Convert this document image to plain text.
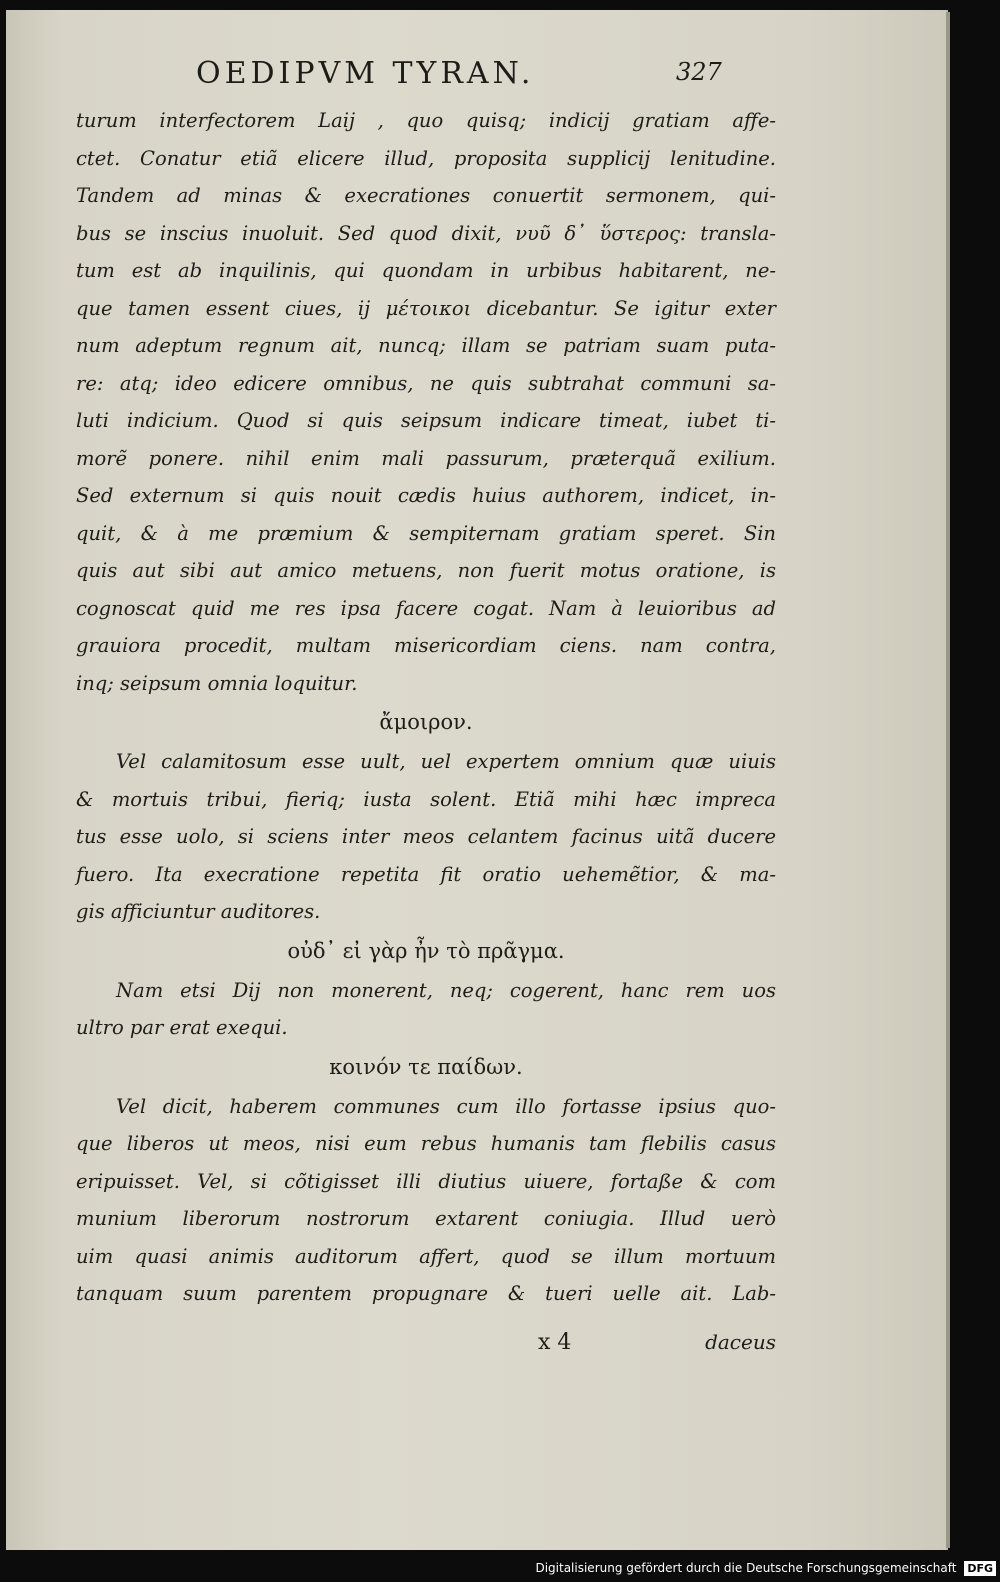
OEDIPVM TYRAN.	327
turum interfectorem Laij , quo quisq; indicij gratiam affe-
ctet. Conatur etiã elicere illud, proposita supplicij lenitudine.
Tandem ad minas & execrationes conuertit sermonem, qui-
bus se inscius inuoluit. Sed quod dixit, νυῦ δ᾽ ὕστερος: transla-
tum est ab inquilinis, qui quondam in urbibus habitarent, ne-
que tamen essent ciues, ij μέτοικοι dicebantur. Se igitur exter
num adeptum regnum ait, nuncq; illam se patriam suam puta-
re: atq; ideo edicere omnibus, ne quis subtrahat communi sa-
luti indicium. Quod si quis seipsum indicare timeat, iubet ti-
morẽ ponere. nihil enim mali passurum, præterquã exilium.
Sed externum si quis nouit cædis huius authorem, indicet, in-
quit, & à me præmium & sempiternam gratiam speret. Sin
quis aut sibi aut amico metuens, non fuerit motus oratione, is
cognoscat quid me res ipsa facere cogat. Nam à leuioribus ad
grauiora procedit, multam misericordiam ciens. nam contra,
inq; seipsum omnia loquitur.
ἄμοιρον.
Vel calamitosum esse uult, uel expertem omnium quæ uiuis
& mortuis tribui, fieriq; iusta solent. Etiã mihi hæc impreca
tus esse uolo, si sciens inter meos celantem facinus uitã ducere
fuero. Ita execratione repetita fit oratio uehemẽtior, & ma-
gis afficiuntur auditores.
οὐδ᾽ εἰ γὰρ ἦν τὸ πρᾶγμα.
Nam etsi Dij non monerent, neq; cogerent, hanc rem uos
ultro par erat exequi.
κοινόν τε παίδων.
Vel dicit, haberem communes cum illo fortasse ipsius quo-
que liberos ut meos, nisi eum rebus humanis tam flebilis casus
eripuisset. Vel, si cõtigisset illi diutius uiuere, fortaße & com
munium liberorum nostrorum extarent coniugia. Illud uerò
uim quasi animis auditorum affert, quod se illum mortuum
tanquam suum parentem propugnare & tueri uelle ait. Lab-
x 4	daceus
Digitalisierung gefördert durch die Deutsche Forschungsgemeinschaft DFG
